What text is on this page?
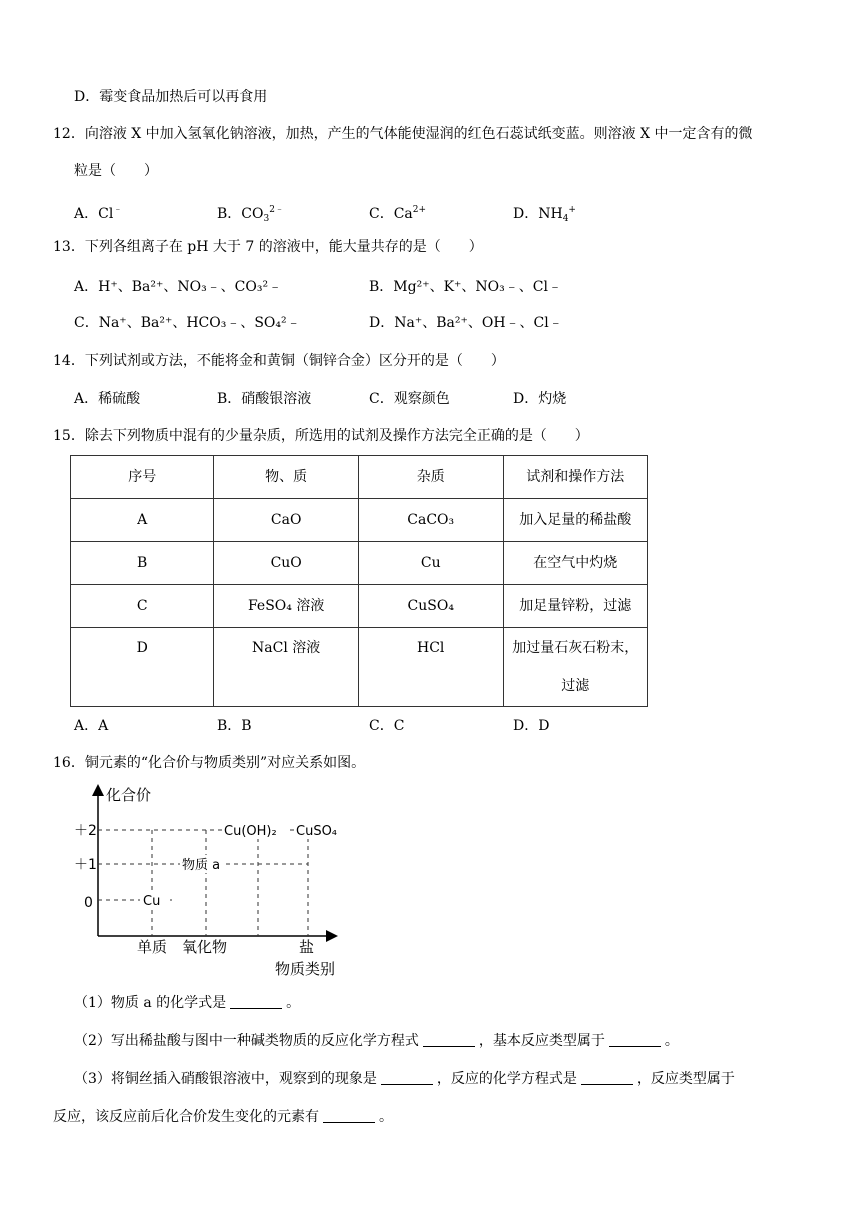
D．霉变食品加热后可以再食用
12．向溶液 X 中加入氢氧化钠溶液，加热，产生的气体能使湿润的红色石蕊试纸变蓝。则溶液 X 中一定含有的微
粒是（　　）
A．Cl﹣	B．$CO_3^{2﹣}$	C．$Ca^{2+}$	D．$NH_4^+$
13．下列各组离子在 pH 大于 7 的溶液中，能大量共存的是（　　）
A．H⁺、Ba²⁺、NO₃﹣、CO₃²﹣	B．Mg²⁺、K⁺、NO₃﹣、Cl﹣
C．Na⁺、Ba²⁺、HCO₃﹣、SO₄²﹣	D．Na⁺、Ba²⁺、OH﹣、Cl﹣
14．下列试剂或方法，不能将金和黄铜（铜锌合金）区分开的是（　　）
A．稀硫酸	B．硝酸银溶液	C．观察颜色	D．灼烧
15．除去下列物质中混有的少量杂质，所选用的试剂及操作方法完全正确的是（　　）
序号	物、质	杂质	试剂和操作方法
A	CaO	CaCO₃	加入足量的稀盐酸
B	CuO	Cu	在空气中灼烧
C	FeSO₄ 溶液	CuSO₄	加足量锌粉，过滤

D	NaCl 溶液	HCl	加过量石灰石粉末，
过滤
A．A	B．B	C．C	D．D
16．铜元素的“化合价与物质类别”对应关系如图。
化合价
＋2
＋1
0
单质 氧化物	盐
物质类别
Cu(OH)₂ CuSO₄
物质 a
Cu
（1）物质 a 的化学式是	。
（2）写出稀盐酸与图中一种碱类物质的反应化学方程式	，基本反应类型属于	。
（3）将铜丝插入硝酸银溶液中，观察到的现象是	，反应的化学方程式是	，反应类型属于
反应，该反应前后化合价发生变化的元素有	。
